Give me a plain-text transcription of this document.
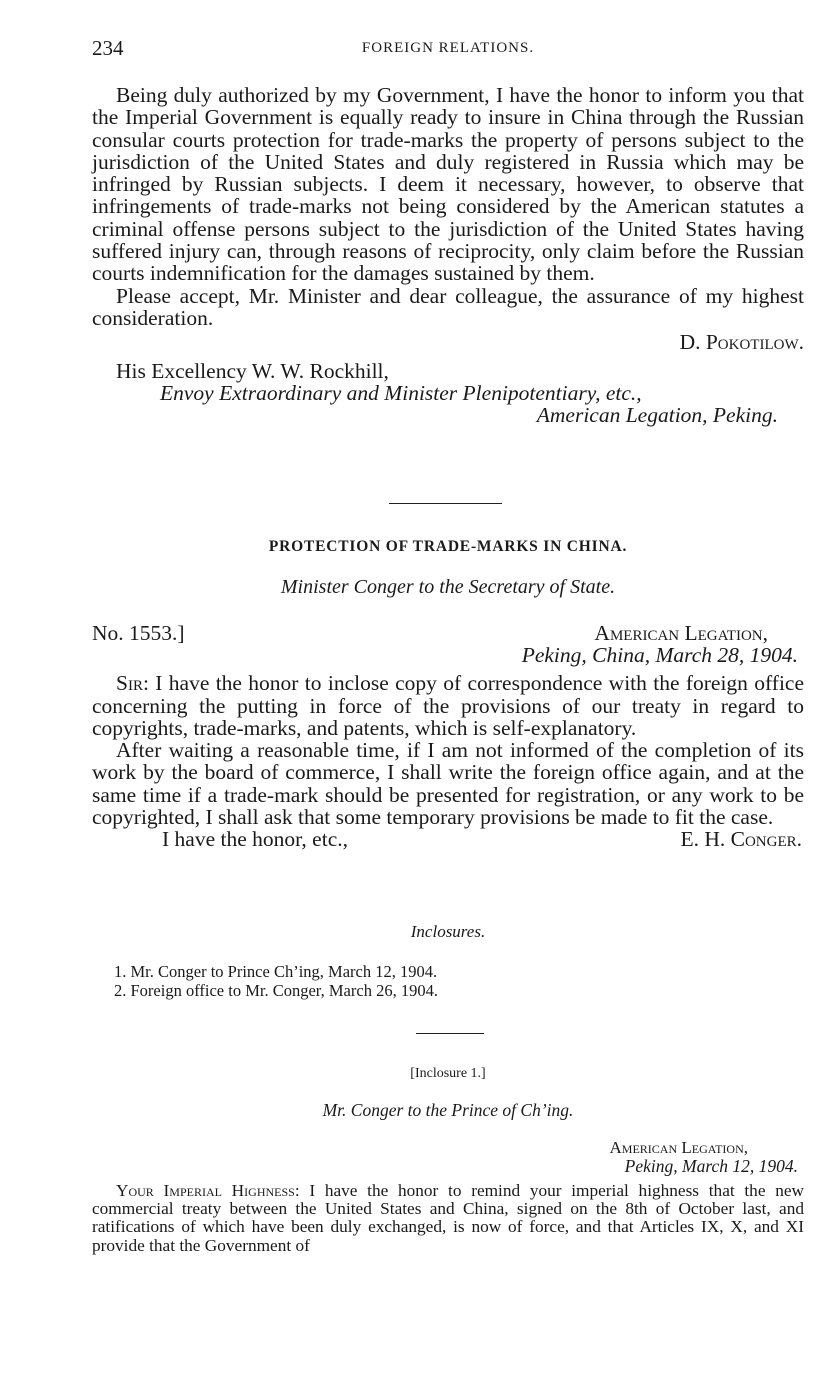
234	FOREIGN RELATIONS.

Being duly authorized by my Government, I have the honor to inform you that the Imperial Government is equally ready to insure in China through the Russian consular courts protection for trade-marks the property of persons subject to the jurisdiction of the United States and duly registered in Russia which may be infringed by Russian subjects. I deem it necessary, however, to observe that infringements of trade-marks not being considered by the American statutes a criminal offense persons subject to the jurisdiction of the United States having suffered injury can, through reasons of reciprocity, only claim before the Russian courts indemnification for the damages sustained by them.

Please accept, Mr. Minister and dear colleague, the assurance of my highest consideration.

D. Pokotilow.

His Excellency W. W. Rockhill,

Envoy Extraordinary and Minister Plenipotentiary, etc.,

American Legation, Peking.

PROTECTION OF TRADE-MARKS IN CHINA.
Minister Conger to the Secretary of State.
No. 1553.]	American Legation,

Peking, China, March 28, 1904.

Sir: I have the honor to inclose copy of correspondence with the foreign office concerning the putting in force of the provisions of our treaty in regard to copyrights, trade-marks, and patents, which is self-explanatory.

After waiting a reasonable time, if I am not informed of the completion of its work by the board of commerce, I shall write the foreign office again, and at the same time if a trade-mark should be presented for registration, or any work to be copyrighted, I shall ask that some temporary provisions be made to fit the case.

I have the honor, etc.,	E. H. Conger.
Inclosures.

1. Mr. Conger to Prince Ch’ing, March 12, 1904.

2. Foreign office to Mr. Conger, March 26, 1904.

[Inclosure 1.]
Mr. Conger to the Prince of Ch’ing.

American Legation,

Peking, March 12, 1904.

Your Imperial Highness: I have the honor to remind your imperial highness that the new commercial treaty between the United States and China, signed on the 8th of October last, and ratifications of which have been duly exchanged, is now of force, and that Articles IX, X, and XI provide that the Government of
